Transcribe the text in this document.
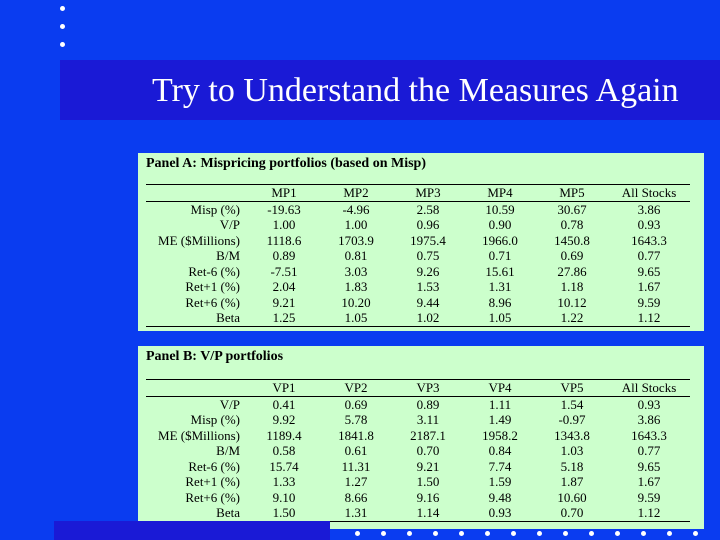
Try to Understand the Measures Again
Panel A: Mispricing portfolios (based on Misp)
	MP1	MP2	MP3	MP4	MP5	All Stocks
Misp (%)	-19.63	-4.96	2.58	10.59	30.67	3.86
V/P	1.00	1.00	0.96	0.90	0.78	0.93
ME ($Millions)	1118.6	1703.9	1975.4	1966.0	1450.8	1643.3
B/M	0.89	0.81	0.75	0.71	0.69	0.77
Ret-6 (%)	-7.51	3.03	9.26	15.61	27.86	9.65
Ret+1 (%)	2.04	1.83	1.53	1.31	1.18	1.67
Ret+6 (%)	9.21	10.20	9.44	8.96	10.12	9.59
Beta	1.25	1.05	1.02	1.05	1.22	1.12
Panel B: V/P portfolios
	VP1	VP2	VP3	VP4	VP5	All Stocks
V/P	0.41	0.69	0.89	1.11	1.54	0.93
Misp (%)	9.92	5.78	3.11	1.49	-0.97	3.86
ME ($Millions)	1189.4	1841.8	2187.1	1958.2	1343.8	1643.3
B/M	0.58	0.61	0.70	0.84	1.03	0.77
Ret-6 (%)	15.74	11.31	9.21	7.74	5.18	9.65
Ret+1 (%)	1.33	1.27	1.50	1.59	1.87	1.67
Ret+6 (%)	9.10	8.66	9.16	9.48	10.60	9.59
Beta	1.50	1.31	1.14	0.93	0.70	1.12
